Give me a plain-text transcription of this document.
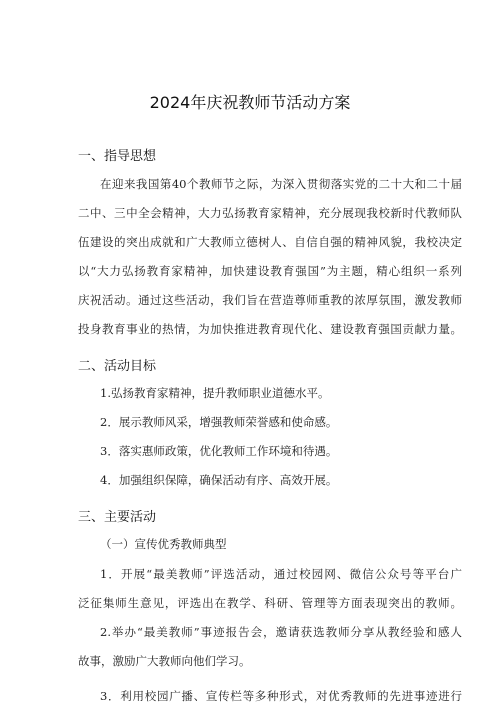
2024年庆祝教师节活动方案
一、指导思想
在迎来我国第40个教师节之际，为深入贯彻落实党的二十大和二十届
二中、三中全会精神，大力弘扬教育家精神，充分展现我校新时代教师队
伍建设的突出成就和广大教师立德树人、自信自强的精神风貌，我校决定
以“大力弘扬教育家精神，加快建设教育强国”为主题，精心组织一系列
庆祝活动。通过这些活动，我们旨在营造尊师重教的浓厚氛围，激发教师
投身教育事业的热情，为加快推进教育现代化、建设教育强国贡献力量。
二、活动目标
1.弘扬教育家精神，提升教师职业道德水平。
2．展示教师风采，增强教师荣誉感和使命感。
3．落实惠师政策，优化教师工作环境和待遇。
4．加强组织保障，确保活动有序、高效开展。
三、主要活动
（一）宣传优秀教师典型
1．开展“最美教师”评选活动，通过校园网、微信公众号等平台广
泛征集师生意见，评选出在教学、科研、管理等方面表现突出的教师。
2.举办“最美教师”事迹报告会，邀请获选教师分享从教经验和感人
故事，激励广大教师向他们学习。
3．利用校园广播、宣传栏等多种形式，对优秀教师的先进事迹进行
